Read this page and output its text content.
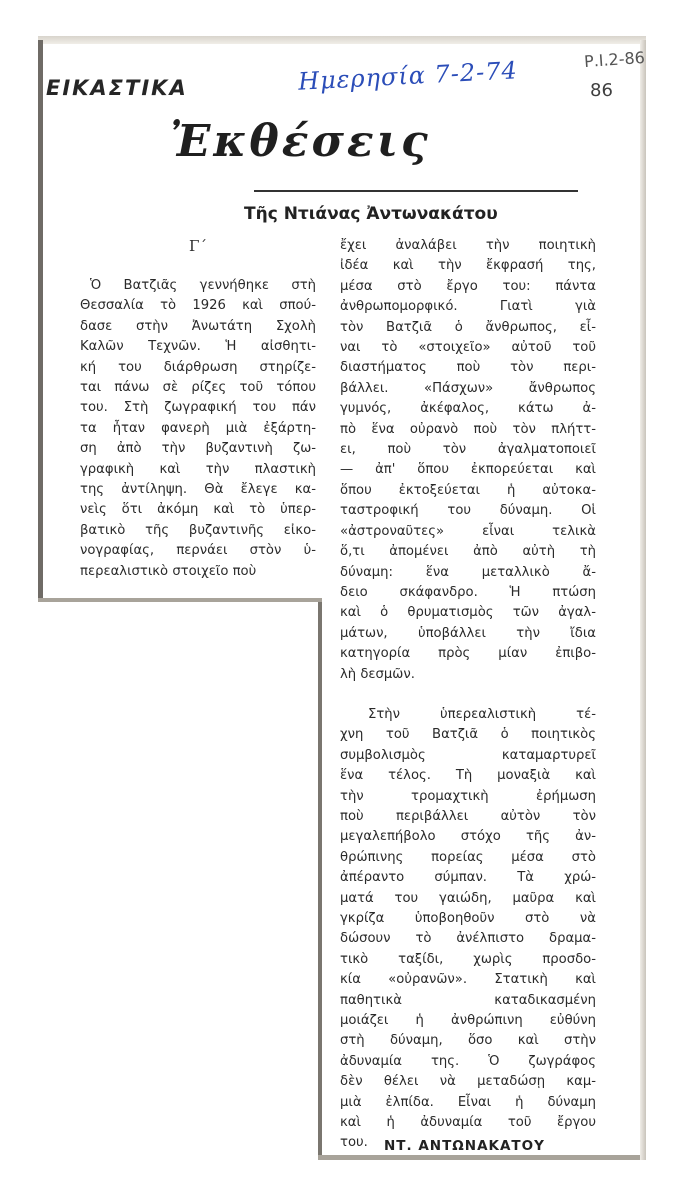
ΕΙΚΑΣΤΙΚΑ	Ημερησία 7-2-74	Ρ.Ι.2-86
86
Ἐκθέσεις
Τῆς Ντιάνας Ἀντωνακάτου
Γ΄
Ὁ Βατζιᾶς γεννήθηκε στὴ
Θεσσαλία τὸ 1926 καὶ σπού-
δασε στὴν Ἀνωτάτη Σχολὴ
Καλῶν Τεχνῶν. Ἡ αἰσθητι-
κή του διάρθρωση στηρίζε-
ται πάνω σὲ ρίζες τοῦ τόπου
του. Στὴ ζωγραφική του πάν
τα ἦταν φανερὴ μιὰ ἐξάρτη-
ση ἀπὸ τὴν βυζαντινὴ ζω-
γραφικὴ καὶ τὴν πλαστικὴ
της ἀντίληψη. Θὰ ἔλεγε κα-
νεὶς ὅτι ἀκόμη καὶ τὸ ὑπερ-
βατικὸ τῆς βυζαντινῆς εἰκο-
νογραφίας, περνάει στὸν ὑ-
περεαλιστικὸ στοιχεῖο ποὺ
ἔχει ἀναλάβει τὴν ποιητικὴ
ἰδέα καὶ τὴν ἔκφρασή της,
μέσα στὸ ἔργο του: πάντα
ἀνθρωπομορφικό. Γιατὶ γιὰ
τὸν Βατζιᾶ ὁ ἄνθρωπος, εἶ-
ναι τὸ «στοιχεῖο» αὐτοῦ τοῦ
διαστήματος ποὺ τὸν περι-
βάλλει. «Πάσχων» ἄνθρωπος
γυμνός, ἀκέφαλος, κάτω ἀ-
πὸ ἕνα οὐρανὸ ποὺ τὸν πλήττ-
ει, ποὺ τὸν ἀγαλματοποιεῖ
— ἀπ' ὅπου ἐκπορεύεται καὶ
ὅπου ἐκτοξεύεται ἡ αὐτοκα-
ταστροφική του δύναμη. Οἱ
«ἀστροναῦτες» εἶναι τελικὰ
ὅ,τι ἀπομένει ἀπὸ αὐτὴ τὴ
δύναμη: ἕνα μεταλλικὸ ἄ-
δειο σκάφανδρο. Ἡ πτώση
καὶ ὁ θρυματισμὸς τῶν ἀγαλ-
μάτων, ὑποβάλλει τὴν ἴδια
κατηγορία πρὸς μίαν ἐπιβο-
λὴ δεσμῶν.
Στὴν ὑπερεαλιστικὴ τέ-
χνη τοῦ Βατζιᾶ ὁ ποιητικὸς
συμβολισμὸς καταμαρτυρεῖ
ἕνα τέλος. Τὴ μοναξιὰ καὶ
τὴν τρομαχτικὴ ἐρήμωση
ποὺ περιβάλλει αὐτὸν τὸν
μεγαλεπήβολο στόχο τῆς ἀν-
θρώπινης πορείας μέσα στὸ
ἀπέραντο σύμπαν. Τὰ χρώ-
ματά του γαιώδη, μαῦρα καὶ
γκρίζα ὑποβοηθοῦν στὸ νὰ
δώσουν τὸ ἀνέλπιστο δραμα-
τικὸ ταξίδι, χωρὶς προσδο-
κία «οὐρανῶν». Στατικὴ καὶ
παθητικὰ καταδικασμένη
μοιάζει ἡ ἀνθρώπινη εὐθύνη
στὴ δύναμη, ὅσο καὶ στὴν
ἀδυναμία της. Ὁ ζωγράφος
δὲν θέλει νὰ μεταδώσῃ καμ-
μιὰ ἐλπίδα. Εἶναι ἡ δύναμη
καὶ ἡ ἀδυναμία τοῦ ἔργου
του.	ΝΤ. ΑΝΤΩΝΑΚΑΤΟΥ
